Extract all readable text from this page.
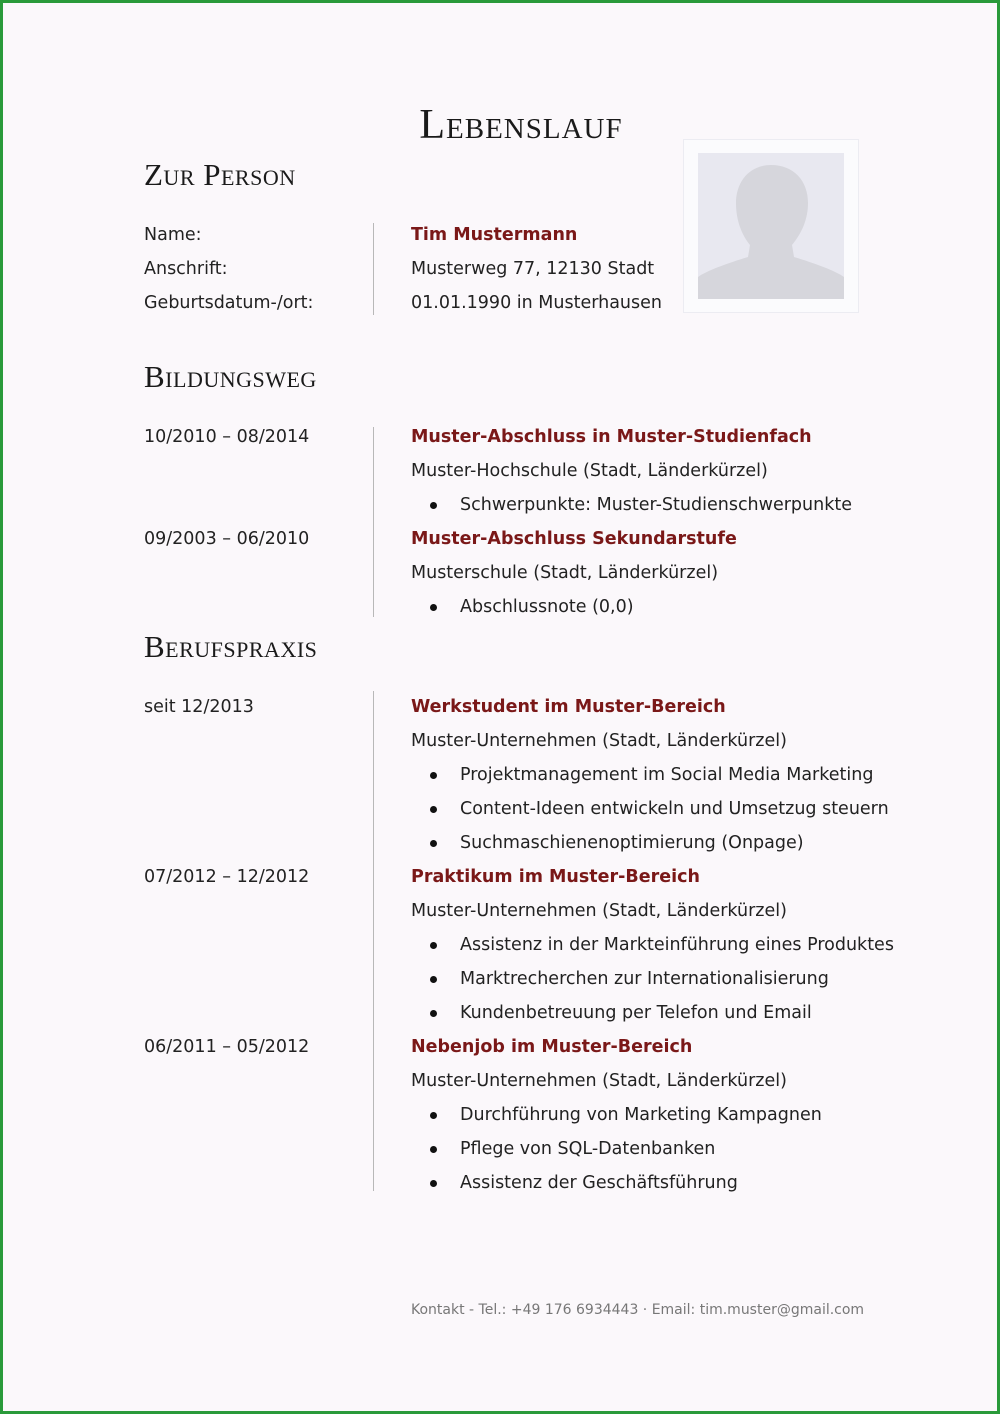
Lebenslauf
Zur Person
Name:	Tim Mustermann
Anschrift:	Musterweg 77, 12130 Stadt
Geburtsdatum-/ort:	01.01.1990 in Musterhausen
Bildungsweg
10/2010 – 08/2014	Muster-Abschluss in Muster-Studienfach
Muster-Hochschule (Stadt, Länderkürzel)
Schwerpunkte: Muster-Studienschwerpunkte
09/2003 – 06/2010	Muster-Abschluss Sekundarstufe
Musterschule (Stadt, Länderkürzel)
Abschlussnote (0,0)
Berufspraxis
seit 12/2013	Werkstudent im Muster-Bereich
Muster-Unternehmen (Stadt, Länderkürzel)
Projektmanagement im Social Media Marketing
Content-Ideen entwickeln und Umsetzug steuern
Suchmaschienenoptimierung (Onpage)
07/2012 – 12/2012	Praktikum im Muster-Bereich
Muster-Unternehmen (Stadt, Länderkürzel)
Assistenz in der Markteinführung eines Produktes
Marktrecherchen zur Internationalisierung
Kundenbetreuung per Telefon und Email
06/2011 – 05/2012	Nebenjob im Muster-Bereich
Muster-Unternehmen (Stadt, Länderkürzel)
Durchführung von Marketing Kampagnen
Pflege von SQL-Datenbanken
Assistenz der Geschäftsführung
Kontakt - Tel.: +49 176 6934443 · Email: tim.muster@gmail.com
